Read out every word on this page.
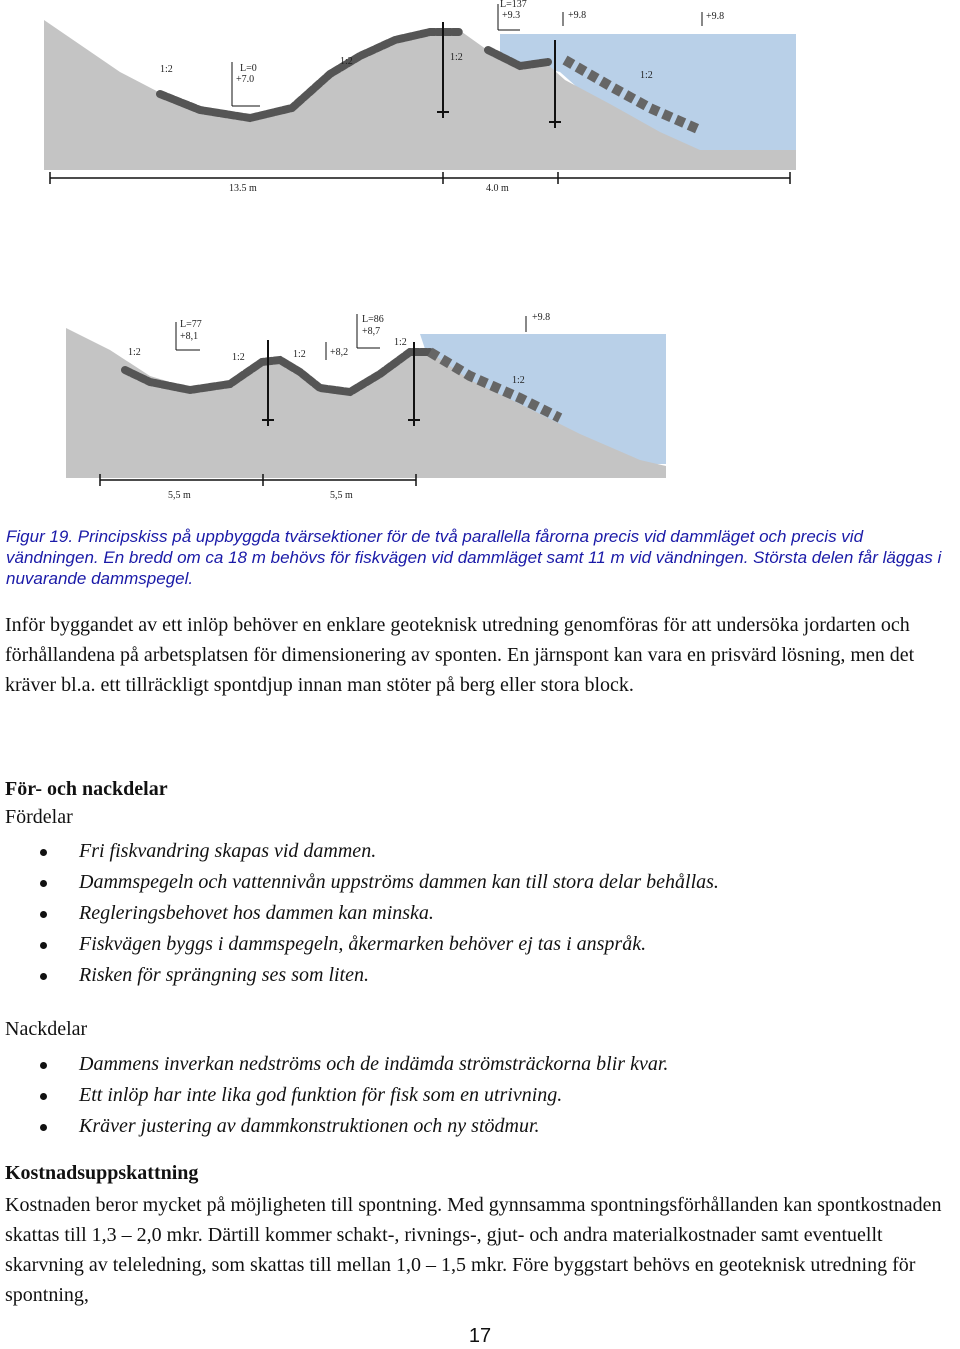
1:2	L=0
+7.0
1:2
L=137
+9.3	+9.8	+9.8
1:2
1:2
13.5 m	4.0 m
1:2
L=77
+8,1
1:2	1:2 +8,2
L=86
+8,7
1:2
+9.8
1:2
5,5 m	5,5 m
Figur 19. Principskiss på uppbyggda tvärsektioner för de två parallella fårorna precis vid dammläget och precis vid vändningen. En bredd om ca 18 m behövs för fiskvägen vid dammläget samt 11 m vid vändningen. Största delen får läggas i nuvarande dammspegel.
Inför byggandet av ett inlöp behöver en enklare geoteknisk utredning genomföras för att undersöka jordarten och förhållandena på arbetsplatsen för dimensionering av sponten. En järnspont kan vara en prisvärd lösning, men det kräver bl.a. ett tillräckligt spontdjup innan man stöter på berg eller stora block.
För- och nackdelar
Fördelar
Fri fiskvandring skapas vid dammen.
Dammspegeln och vattennivån uppströms dammen kan till stora delar behållas.
Regleringsbehovet hos dammen kan minska.
Fiskvägen byggs i dammspegeln, åkermarken behöver ej tas i anspråk.
Risken för sprängning ses som liten.
Nackdelar
Dammens inverkan nedströms och de indämda strömsträckorna blir kvar.
Ett inlöp har inte lika god funktion för fisk som en utrivning.
Kräver justering av dammkonstruktionen och ny stödmur.
Kostnadsuppskattning
Kostnaden beror mycket på möjligheten till spontning. Med gynnsamma spontningsförhållanden kan spontkostnaden skattas till 1,3 – 2,0 mkr. Därtill kommer schakt-, rivnings-, gjut- och andra materialkostnader samt eventuellt skarvning av teleledning, som skattas till mellan 1,0 – 1,5 mkr. Före byggstart behövs en geoteknisk utredning för spontning,
17
